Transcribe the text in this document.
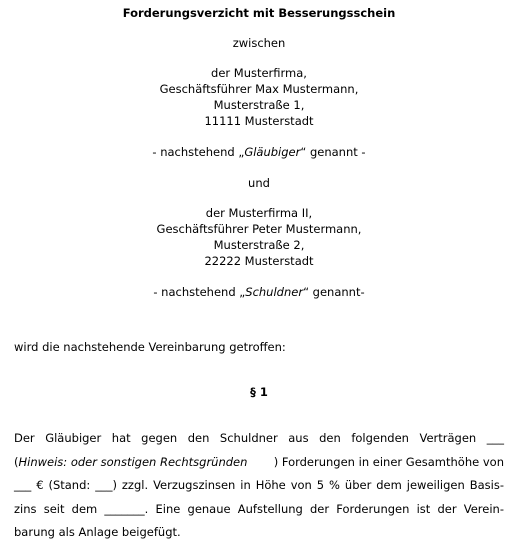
Forderungsverzicht mit Besserungsschein
zwischen
der Musterfirma,
Geschäftsführer Max Mustermann,
Musterstraße 1,
11111 Musterstadt
- nachstehend „Gläubiger“ genannt -
und
der Musterfirma II,
Geschäftsführer Peter Mustermann,
Musterstraße 2,
22222 Musterstadt
- nachstehend „Schuldner“ genannt-
wird die nachstehende Vereinbarung getroffen:
§ 1
Der Gläubiger hat gegen den Schuldner aus den folgenden Verträgen ___
(Hinweis: oder sonstigen Rechtsgründen ) Forderungen in einer Gesamthöhe von
___ € (Stand: ___) zzgl. Verzugszinsen in Höhe von 5 % über dem jeweiligen Basis-
zins seit dem _______. Eine genaue Aufstellung der Forderungen ist der Verein-
barung als Anlage beigefügt.
